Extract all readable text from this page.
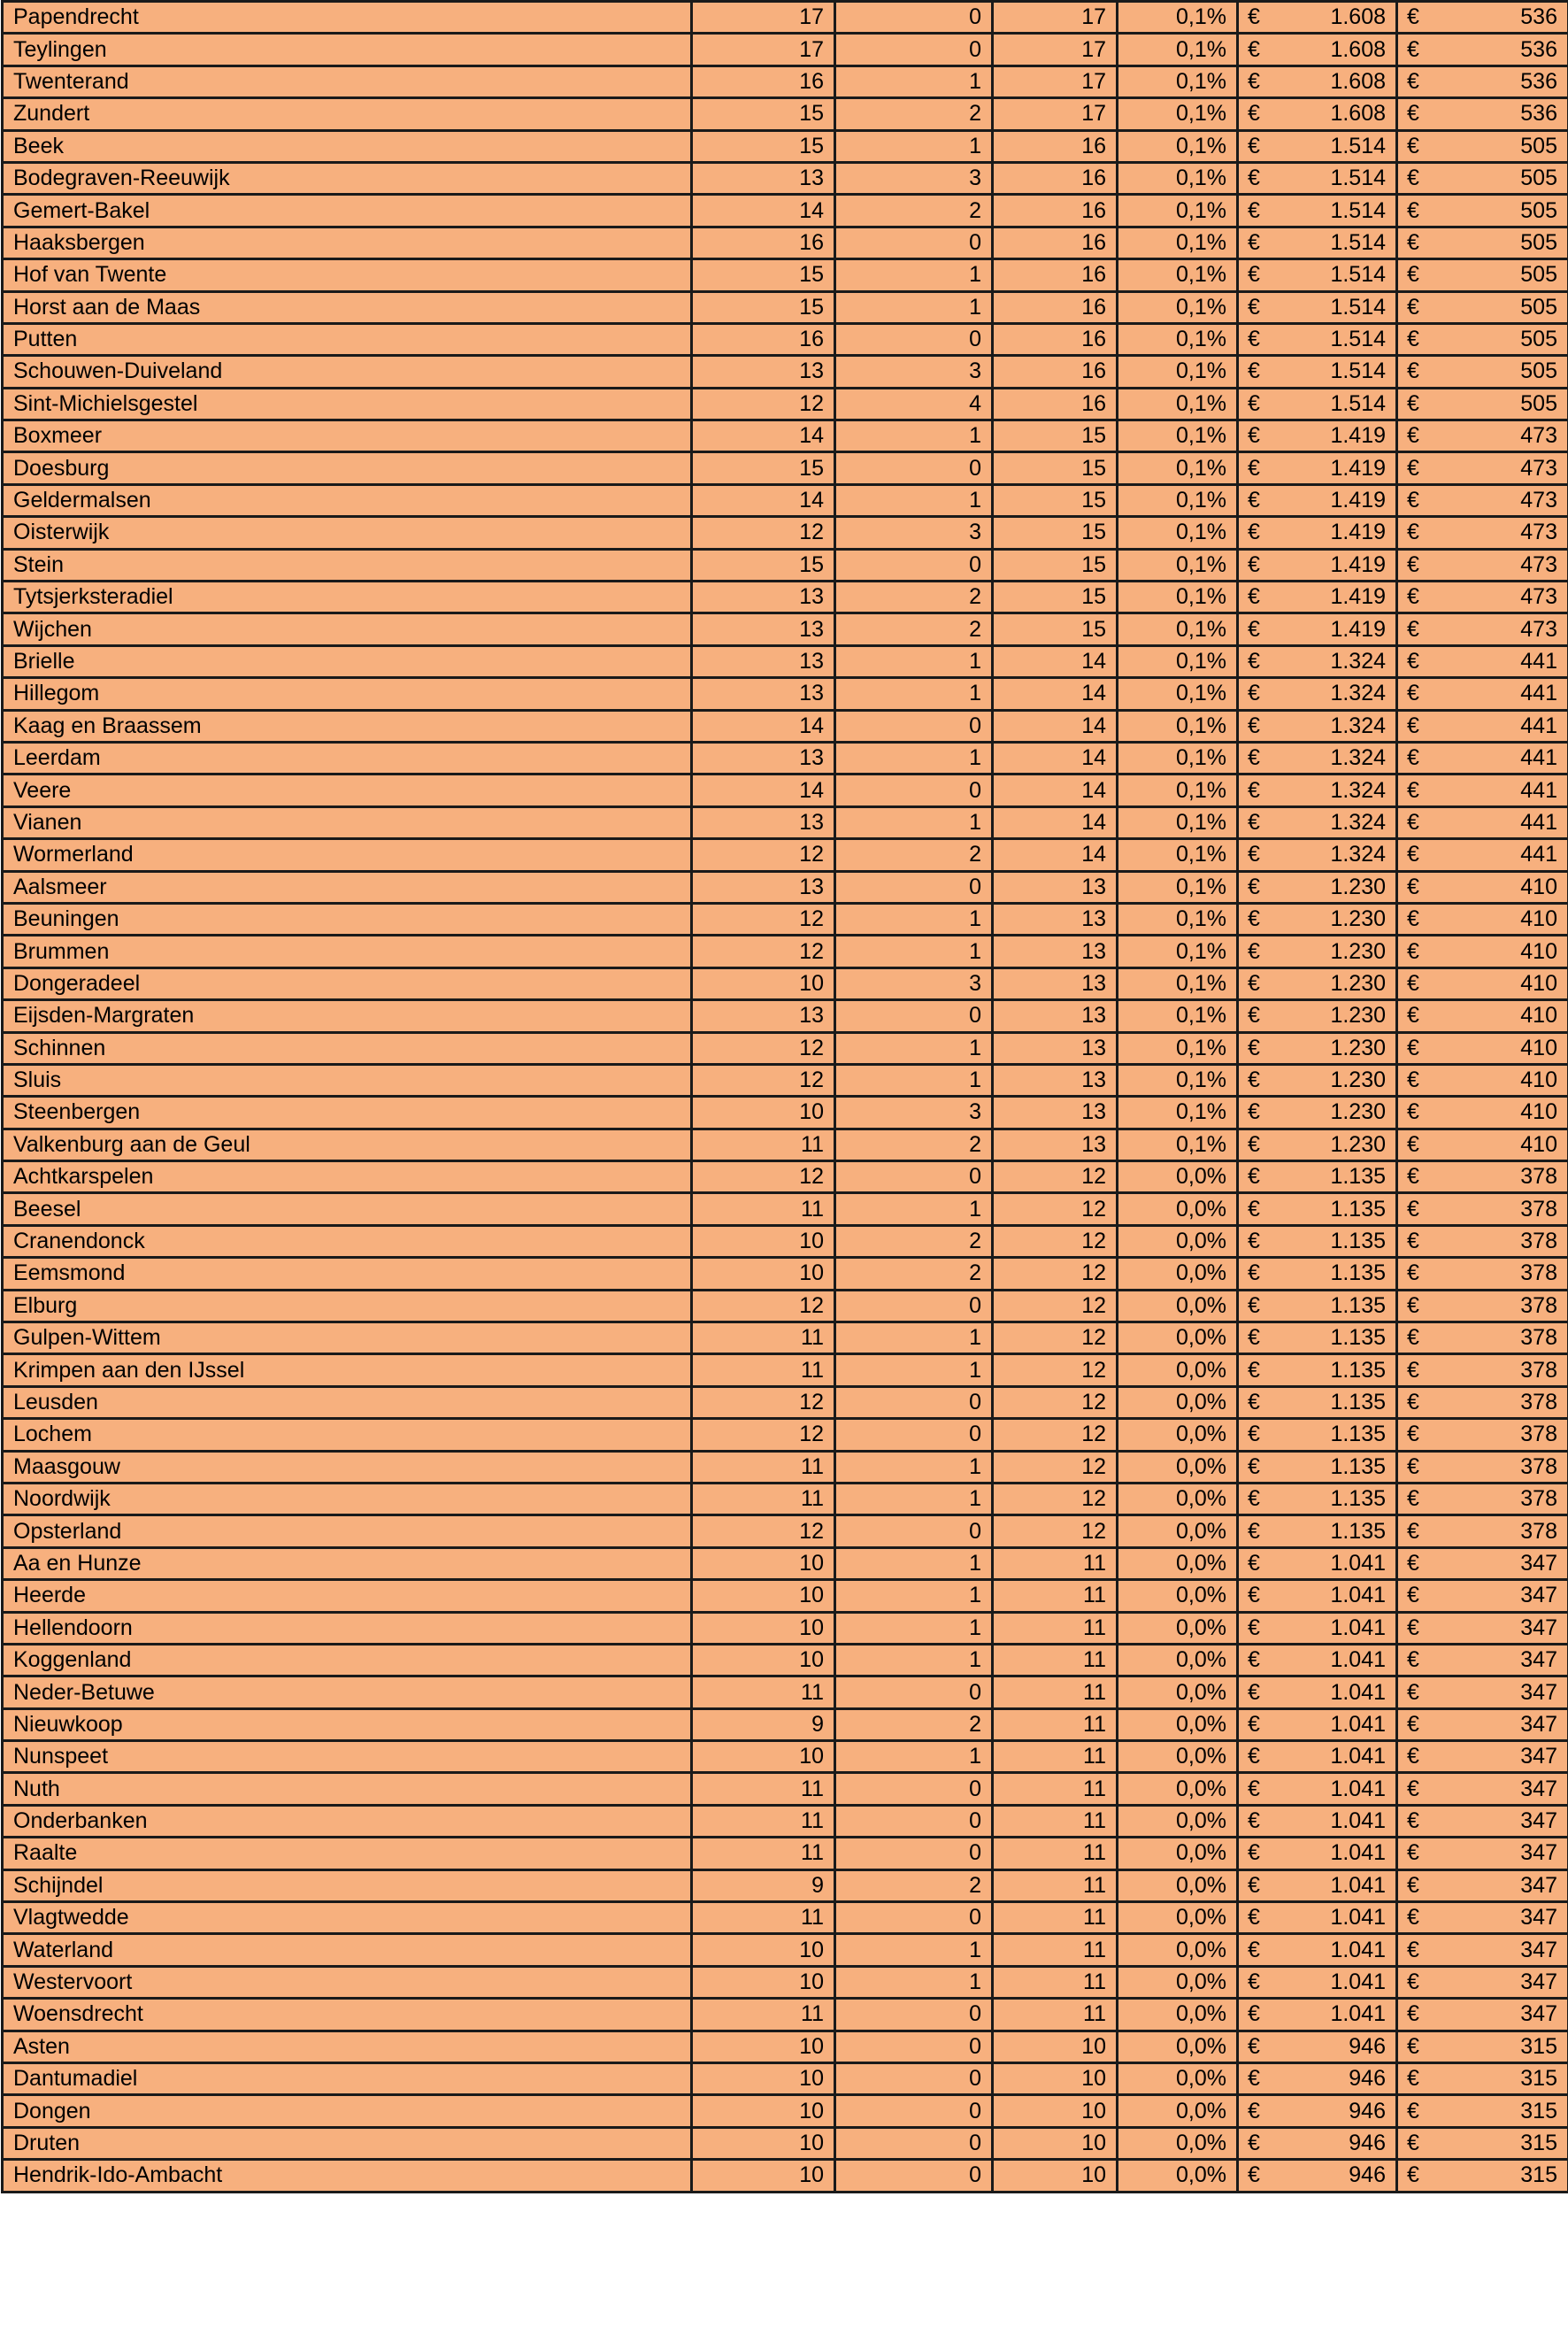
Papendrecht	17	0	17	0,1%	€	1.608	€	536
Teylingen	17	0	17	0,1%	€	1.608	€	536
Twenterand	16	1	17	0,1%	€	1.608	€	536
Zundert	15	2	17	0,1%	€	1.608	€	536
Beek	15	1	16	0,1%	€	1.514	€	505
Bodegraven-Reeuwijk	13	3	16	0,1%	€	1.514	€	505
Gemert-Bakel	14	2	16	0,1%	€	1.514	€	505
Haaksbergen	16	0	16	0,1%	€	1.514	€	505
Hof van Twente	15	1	16	0,1%	€	1.514	€	505
Horst aan de Maas	15	1	16	0,1%	€	1.514	€	505
Putten	16	0	16	0,1%	€	1.514	€	505
Schouwen-Duiveland	13	3	16	0,1%	€	1.514	€	505
Sint-Michielsgestel	12	4	16	0,1%	€	1.514	€	505
Boxmeer	14	1	15	0,1%	€	1.419	€	473
Doesburg	15	0	15	0,1%	€	1.419	€	473
Geldermalsen	14	1	15	0,1%	€	1.419	€	473
Oisterwijk	12	3	15	0,1%	€	1.419	€	473
Stein	15	0	15	0,1%	€	1.419	€	473
Tytsjerksteradiel	13	2	15	0,1%	€	1.419	€	473
Wijchen	13	2	15	0,1%	€	1.419	€	473
Brielle	13	1	14	0,1%	€	1.324	€	441
Hillegom	13	1	14	0,1%	€	1.324	€	441
Kaag en Braassem	14	0	14	0,1%	€	1.324	€	441
Leerdam	13	1	14	0,1%	€	1.324	€	441
Veere	14	0	14	0,1%	€	1.324	€	441
Vianen	13	1	14	0,1%	€	1.324	€	441
Wormerland	12	2	14	0,1%	€	1.324	€	441
Aalsmeer	13	0	13	0,1%	€	1.230	€	410
Beuningen	12	1	13	0,1%	€	1.230	€	410
Brummen	12	1	13	0,1%	€	1.230	€	410
Dongeradeel	10	3	13	0,1%	€	1.230	€	410
Eijsden-Margraten	13	0	13	0,1%	€	1.230	€	410
Schinnen	12	1	13	0,1%	€	1.230	€	410
Sluis	12	1	13	0,1%	€	1.230	€	410
Steenbergen	10	3	13	0,1%	€	1.230	€	410
Valkenburg aan de Geul	11	2	13	0,1%	€	1.230	€	410
Achtkarspelen	12	0	12	0,0%	€	1.135	€	378
Beesel	11	1	12	0,0%	€	1.135	€	378
Cranendonck	10	2	12	0,0%	€	1.135	€	378
Eemsmond	10	2	12	0,0%	€	1.135	€	378
Elburg	12	0	12	0,0%	€	1.135	€	378
Gulpen-Wittem	11	1	12	0,0%	€	1.135	€	378
Krimpen aan den IJssel	11	1	12	0,0%	€	1.135	€	378
Leusden	12	0	12	0,0%	€	1.135	€	378
Lochem	12	0	12	0,0%	€	1.135	€	378
Maasgouw	11	1	12	0,0%	€	1.135	€	378
Noordwijk	11	1	12	0,0%	€	1.135	€	378
Opsterland	12	0	12	0,0%	€	1.135	€	378
Aa en Hunze	10	1	11	0,0%	€	1.041	€	347
Heerde	10	1	11	0,0%	€	1.041	€	347
Hellendoorn	10	1	11	0,0%	€	1.041	€	347
Koggenland	10	1	11	0,0%	€	1.041	€	347
Neder-Betuwe	11	0	11	0,0%	€	1.041	€	347
Nieuwkoop	9	2	11	0,0%	€	1.041	€	347
Nunspeet	10	1	11	0,0%	€	1.041	€	347
Nuth	11	0	11	0,0%	€	1.041	€	347
Onderbanken	11	0	11	0,0%	€	1.041	€	347
Raalte	11	0	11	0,0%	€	1.041	€	347
Schijndel	9	2	11	0,0%	€	1.041	€	347
Vlagtwedde	11	0	11	0,0%	€	1.041	€	347
Waterland	10	1	11	0,0%	€	1.041	€	347
Westervoort	10	1	11	0,0%	€	1.041	€	347
Woensdrecht	11	0	11	0,0%	€	1.041	€	347
Asten	10	0	10	0,0%	€	946	€	315
Dantumadiel	10	0	10	0,0%	€	946	€	315
Dongen	10	0	10	0,0%	€	946	€	315
Druten	10	0	10	0,0%	€	946	€	315
Hendrik-Ido-Ambacht	10	0	10	0,0%	€	946	€	315
